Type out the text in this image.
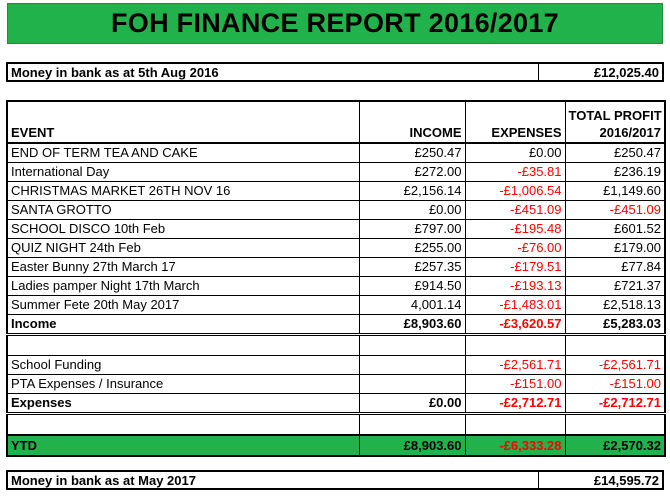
FOH FINANCE REPORT 2016/2017
Money in bank as at 5th Aug 2016	£12,025.40
EVENT	INCOME	EXPENSES	TOTAL PROFIT
2016/2017
END OF TERM TEA AND CAKE	£250.47	£0.00	£250.47
International Day	£272.00	-£35.81	£236.19
CHRISTMAS MARKET 26TH NOV 16	£2,156.14	-£1,006.54	£1,149.60
SANTA GROTTO	£0.00	-£451.09	-£451.09
SCHOOL DISCO 10th Feb	£797.00	-£195.48	£601.52
QUIZ NIGHT 24th Feb	£255.00	-£76.00	£179.00
Easter Bunny 27th March 17	£257.35	-£179.51	£77.84
Ladies pamper Night 17th March	£914.50	-£193.13	£721.37
Summer Fete 20th May 2017	4,001.14	-£1,483.01	£2,518.13
Income	£8,903.60	-£3,620.57	£5,283.03

School Funding		-£2,561.71	-£2,561.71
PTA Expenses / Insurance		-£151.00	-£151.00
Expenses	£0.00	-£2,712.71	-£2,712.71

YTD	£8,903.60	-£6,333.28	£2,570.32
Money in bank as at May 2017	£14,595.72
